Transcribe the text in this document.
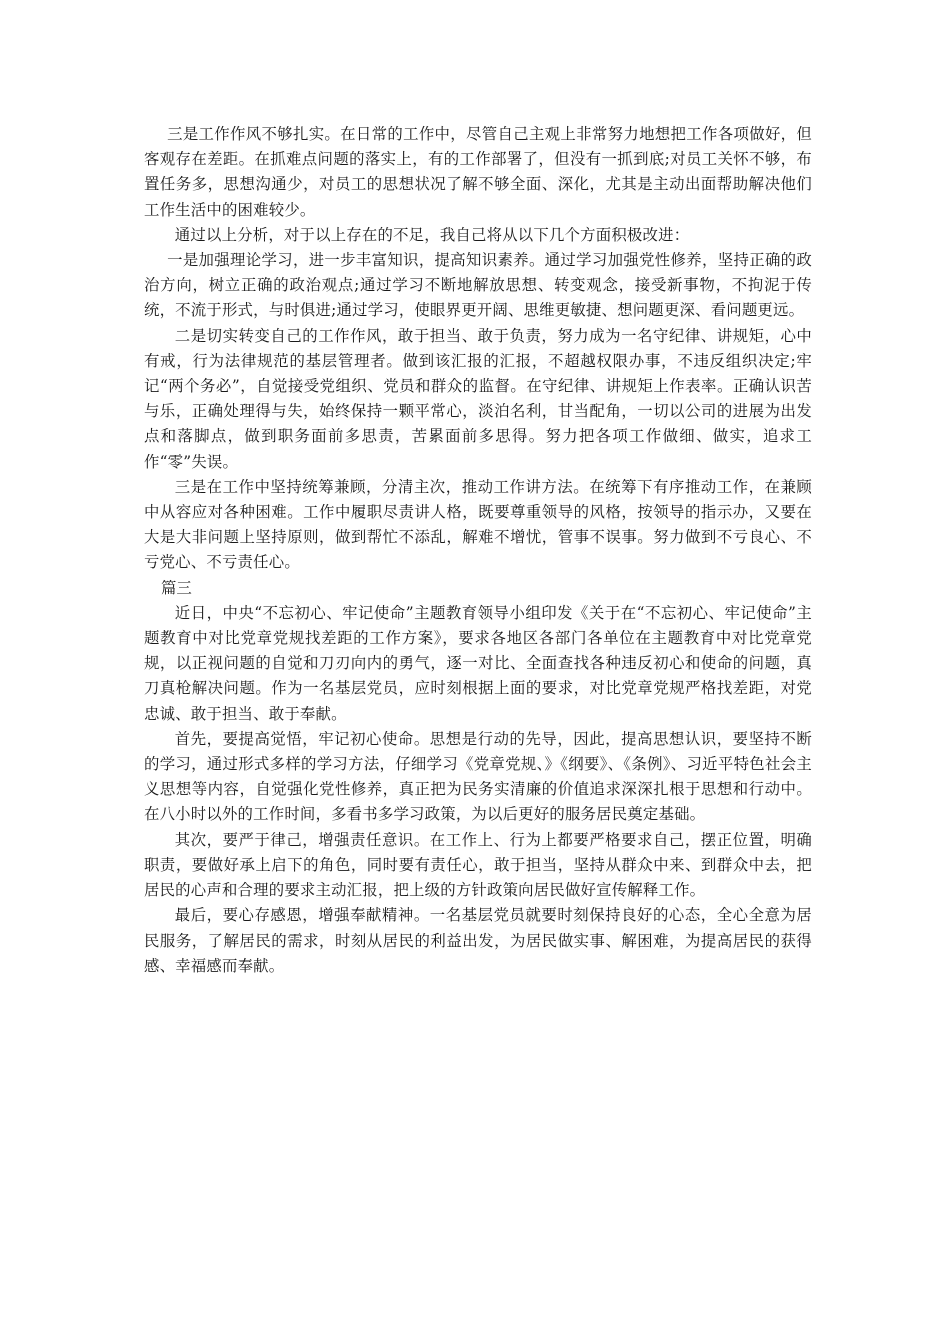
三是工作作风不够扎实。在日常的工作中，尽管自己主观上非常努力地想把工作各项做好，但客观存在差距。在抓难点问题的落实上，有的工作部署了，但没有一抓到底;对员工关怀不够，布置任务多，思想沟通少，对员工的思想状况了解不够全面、深化，尤其是主动出面帮助解决他们工作生活中的困难较少。

通过以上分析，对于以上存在的不足，我自己将从以下几个方面积极改进：

一是加强理论学习，进一步丰富知识，提高知识素养。通过学习加强党性修养，坚持正确的政治方向，树立正确的政治观点;通过学习不断地解放思想、转变观念，接受新事物，不拘泥于传统，不流于形式，与时俱进;通过学习，使眼界更开阔、思维更敏捷、想问题更深、看问题更远。

二是切实转变自己的工作作风，敢于担当、敢于负责，努力成为一名守纪律、讲规矩，心中有戒，行为法律规范的基层管理者。做到该汇报的汇报，不超越权限办事，不违反组织决定;牢记“两个务必”，自觉接受党组织、党员和群众的监督。在守纪律、讲规矩上作表率。正确认识苦与乐，正确处理得与失，始终保持一颗平常心，淡泊名利，甘当配角，一切以公司的进展为出发点和落脚点，做到职务面前多思责，苦累面前多思得。努力把各项工作做细、做实，追求工作“零”失误。

三是在工作中坚持统筹兼顾，分清主次，推动工作讲方法。在统筹下有序推动工作，在兼顾中从容应对各种困难。工作中履职尽责讲人格，既要尊重领导的风格，按领导的指示办，又要在大是大非问题上坚持原则，做到帮忙不添乱，解难不增忧，管事不误事。努力做到不亏良心、不亏党心、不亏责任心。

篇三

近日，中央“不忘初心、牢记使命”主题教育领导小组印发《关于在“不忘初心、牢记使命”主题教育中对比党章党规找差距的工作方案》，要求各地区各部门各单位在主题教育中对比党章党规，以正视问题的自觉和刀刃向内的勇气，逐一对比、全面查找各种违反初心和使命的问题，真刀真枪解决问题。作为一名基层党员，应时刻根据上面的要求，对比党章党规严格找差距，对党忠诚、敢于担当、敢于奉献。

首先，要提高觉悟，牢记初心使命。思想是行动的先导，因此，提高思想认识，要坚持不断的学习，通过形式多样的学习方法，仔细学习《党章党规、》《纲要》、《条例》、习近平特色社会主义思想等内容，自觉强化党性修养，真正把为民务实清廉的价值追求深深扎根于思想和行动中。在八小时以外的工作时间，多看书多学习政策，为以后更好的服务居民奠定基础。

其次，要严于律己，增强责任意识。在工作上、行为上都要严格要求自己，摆正位置，明确职责，要做好承上启下的角色，同时要有责任心，敢于担当，坚持从群众中来、到群众中去，把居民的心声和合理的要求主动汇报，把上级的方针政策向居民做好宣传解释工作。

最后，要心存感恩，增强奉献精神。一名基层党员就要时刻保持良好的心态，全心全意为居民服务，了解居民的需求，时刻从居民的利益出发，为居民做实事、解困难，为提高居民的获得感、幸福感而奉献。
